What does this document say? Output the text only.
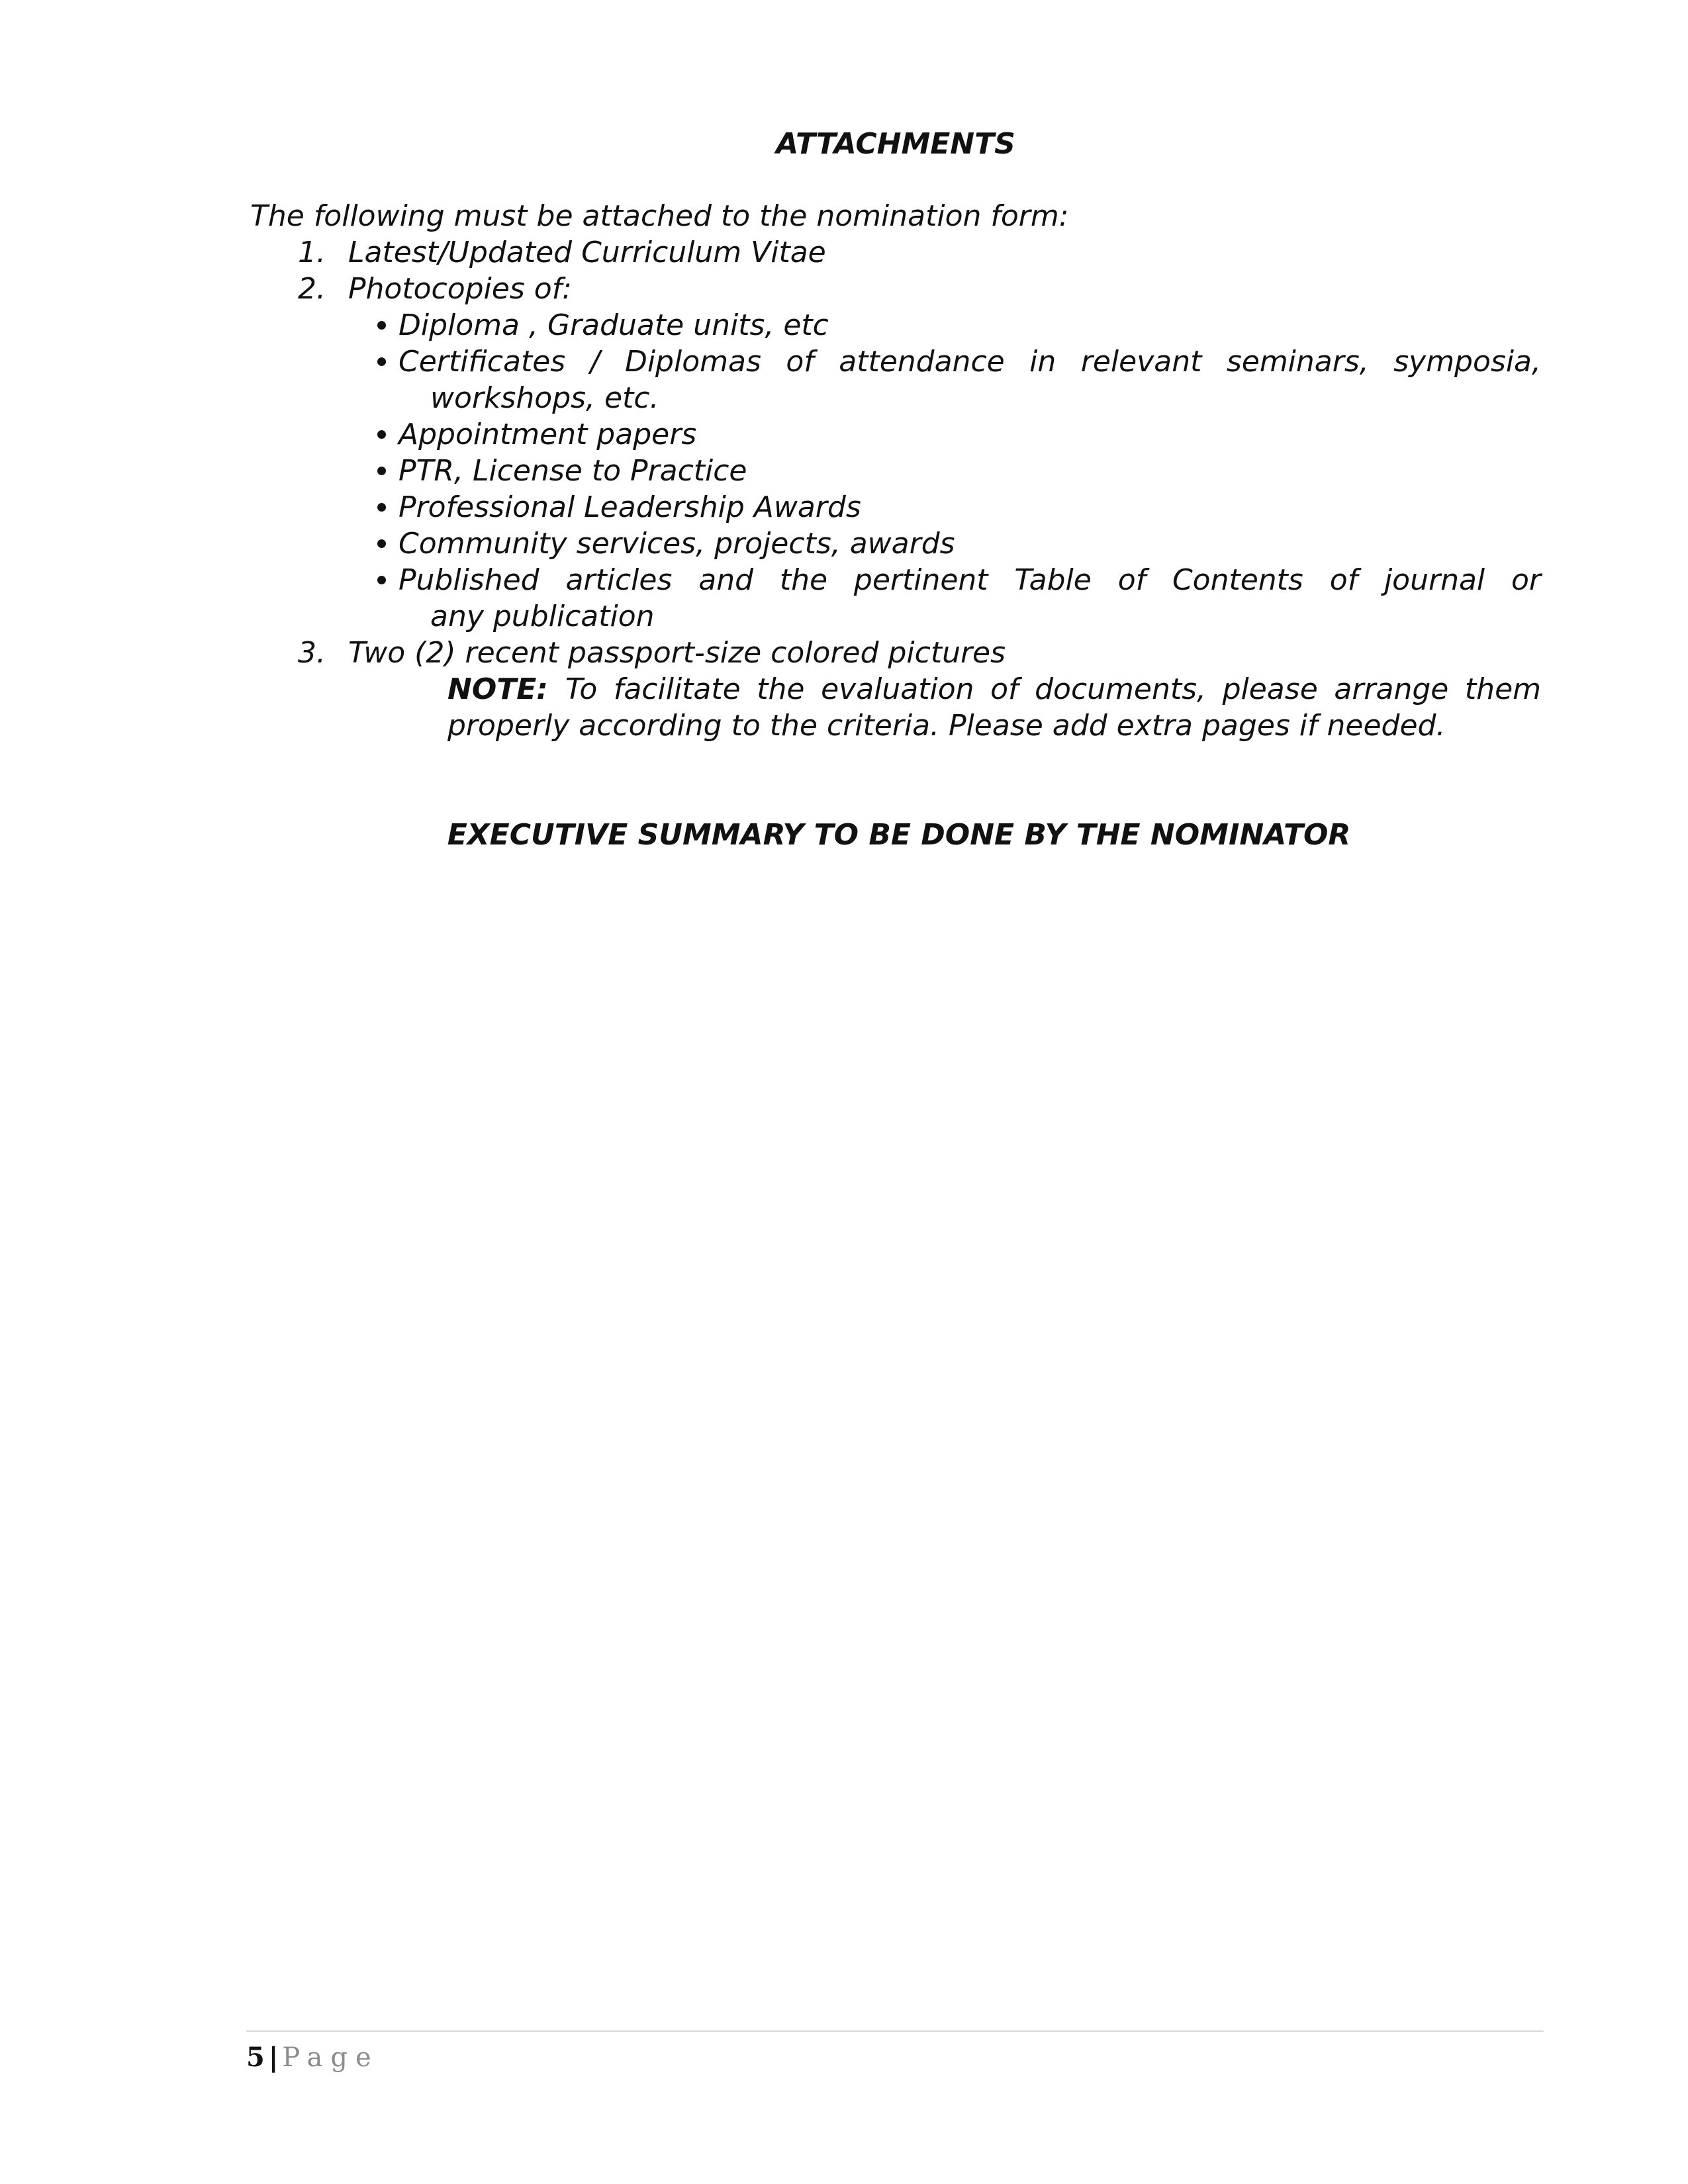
ATTACHMENTS

The following must be attached to the nomination form:

1. Latest/Updated Curriculum Vitae
2. Photocopies of:
Diploma , Graduate units, etc
Certificates / Diplomas of attendance in relevant seminars, symposia,
workshops, etc.
Appointment papers
PTR, License to Practice
Professional Leadership Awards
Community services, projects, awards
Published articles and the pertinent Table of Contents of journal or
any publication
3. Two (2) recent passport-size colored pictures
NOTE: To facilitate the evaluation of documents, please arrange them
properly according to the criteria. Please add extra pages if needed.
EXECUTIVE SUMMARY TO BE DONE BY THE NOMINATOR
5 | Page
